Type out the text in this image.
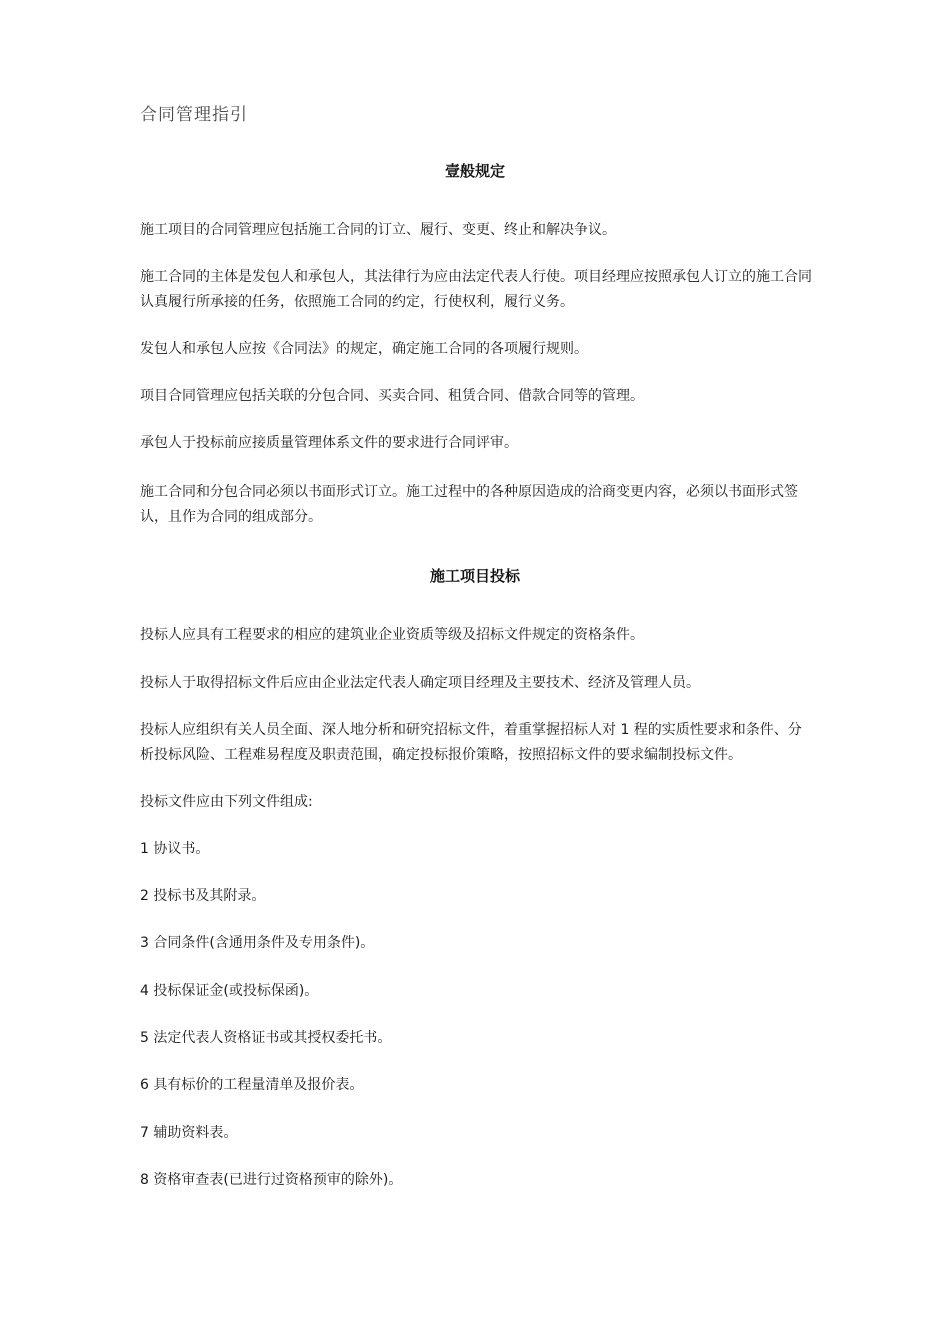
合同管理指引
壹般规定
施工项目的合同管理应包括施工合同的订立、履行、变更、终止和解决争议。
施工合同的主体是发包人和承包人，其法律行为应由法定代表人行使。项目经理应按照承包人订立的施工合同认真履行所承接的任务，依照施工合同的约定，行使权利，履行义务。
发包人和承包人应按《合同法》的规定，确定施工合同的各项履行规则。
项目合同管理应包括关联的分包合同、买卖合同、租赁合同、借款合同等的管理。
承包人于投标前应接质量管理体系文件的要求进行合同评审。
施工合同和分包合同必须以书面形式订立。施工过程中的各种原因造成的洽商变更内容，必须以书面形式签认，且作为合同的组成部分。
施工项目投标
投标人应具有工程要求的相应的建筑业企业资质等级及招标文件规定的资格条件。
投标人于取得招标文件后应由企业法定代表人确定项目经理及主要技术、经济及管理人员。
投标人应组织有关人员全面、深人地分析和研究招标文件，着重掌握招标人对 1 程的实质性要求和条件、分析投标风险、工程难易程度及职责范围，确定投标报价策略，按照招标文件的要求编制投标文件。
投标文件应由下列文件组成:
1 协议书。
2 投标书及其附录。
3 合同条件(含通用条件及专用条件)。
4 投标保证金(或投标保函)。
5 法定代表人资格证书或其授权委托书。
6 具有标价的工程量清单及报价表。
7 辅助资料表。
8 资格审查表(已进行过资格预审的除外)。
